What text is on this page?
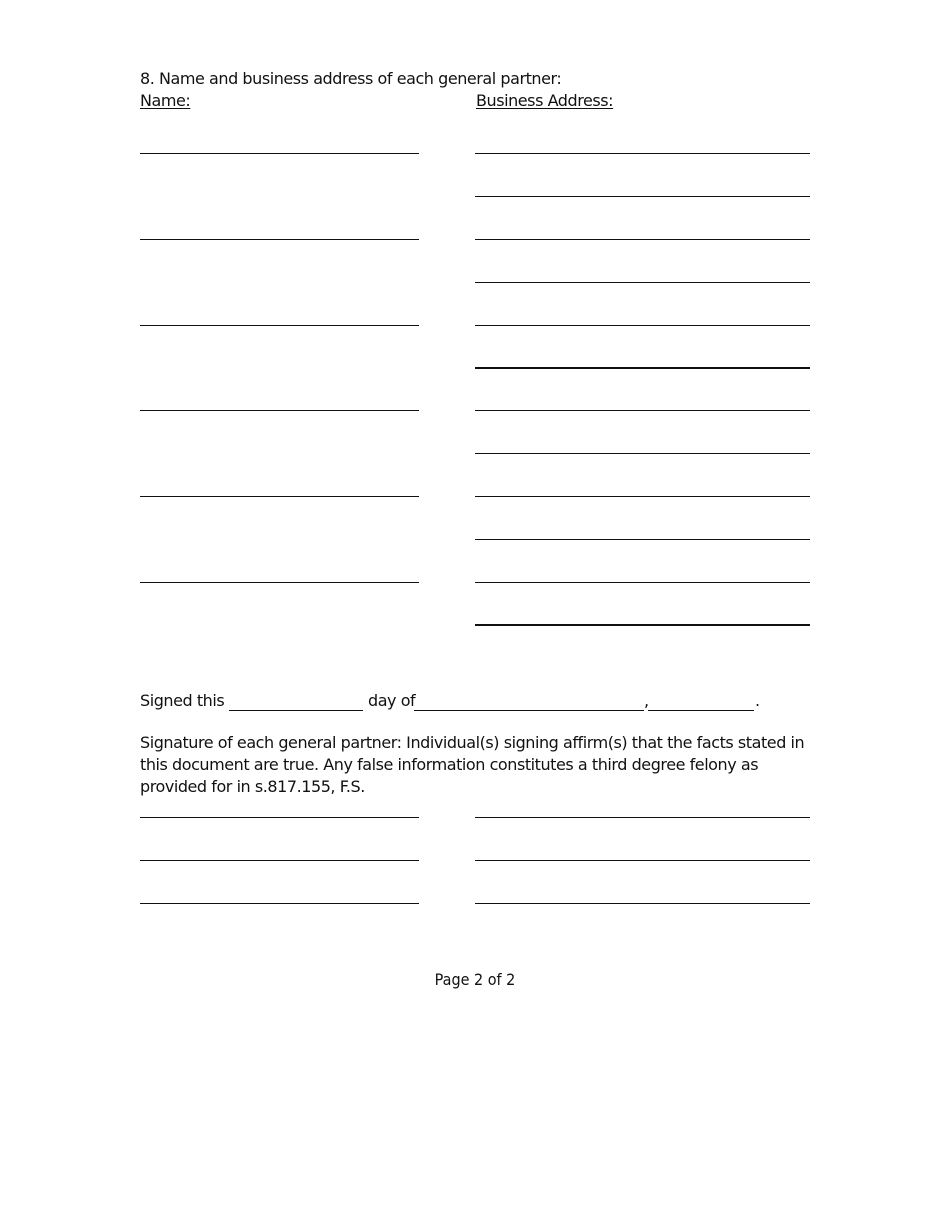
8. Name and business address of each general partner:
Name:	Business Address:
Signed this	day of	,	.
Signature of each general partner: Individual(s) signing affirm(s) that the facts stated in this document are true. Any false information constitutes a third degree felony as provided for in s.817.155, F.S.
Page 2 of 2
